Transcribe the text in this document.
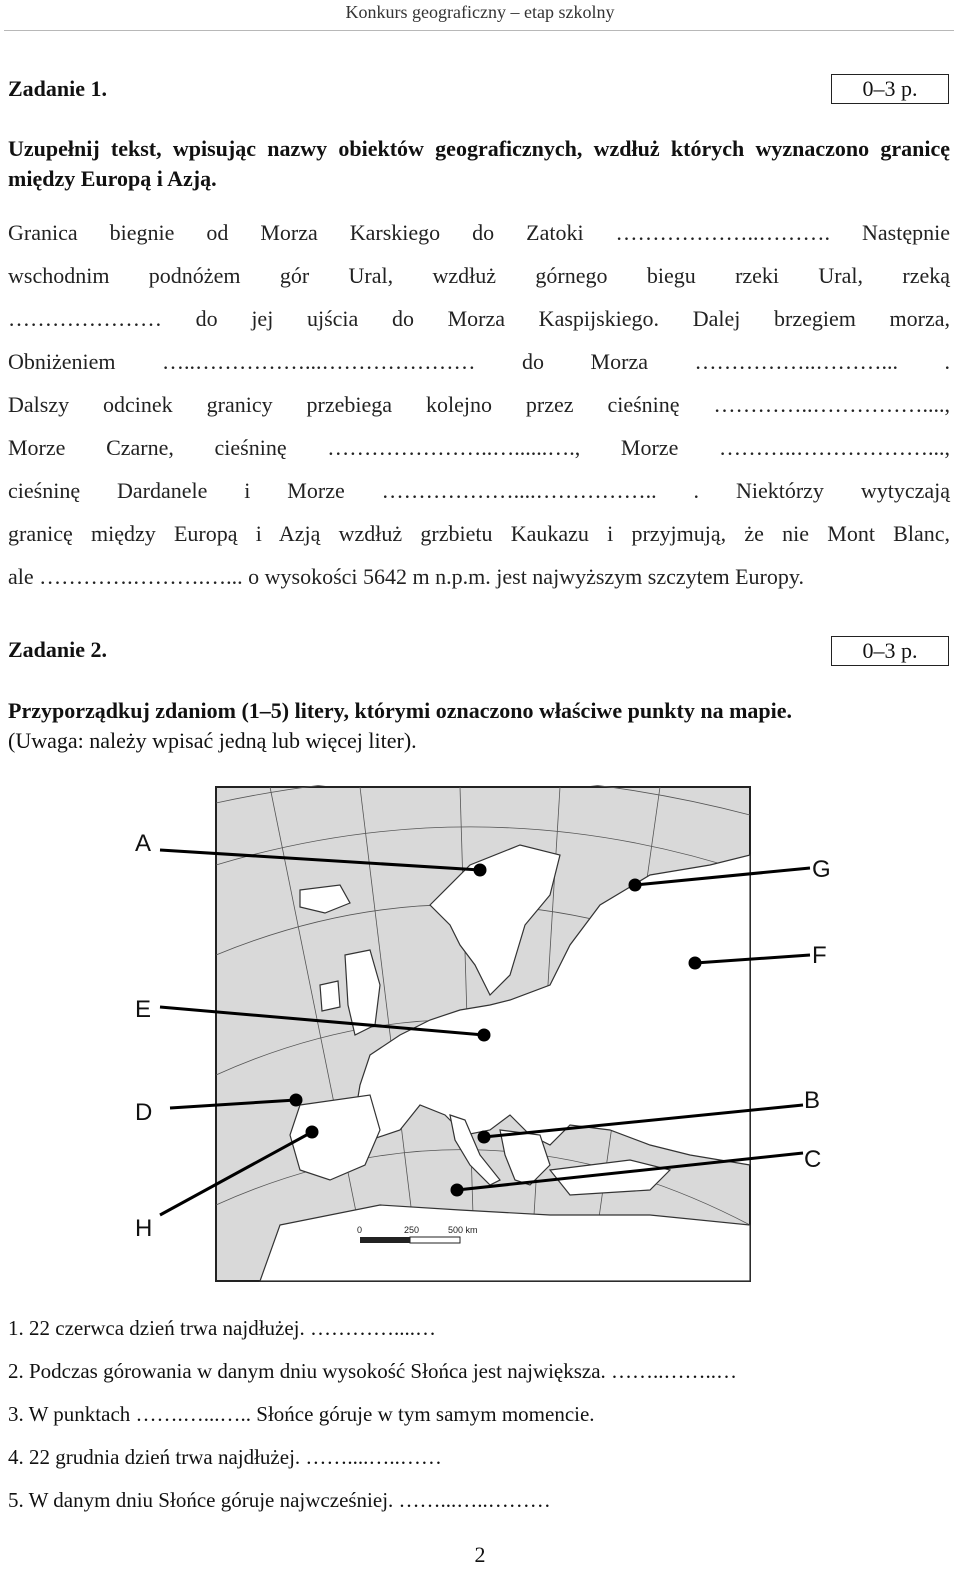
Konkurs geograficzny – etap szkolny
Zadanie 1.	0–3 p.
Uzupełnij tekst, wpisując nazwy obiektów geograficznych, wzdłuż których wyznaczono granicę między Europą i Azją.
Granica biegnie od Morza Karskiego do Zatoki ………………..………. Następnie
wschodnim podnóżem gór Ural, wzdłuż górnego biegu rzeki Ural, rzeką
………………… do jej ujścia do Morza Kaspijskiego. Dalej brzegiem morza,
Obniżeniem …..……………...………………… do Morza ……………..………... .
Dalszy odcinek granicy przebiega kolejno przez cieśninę …………..……………....,
Morze Czarne, cieśninę …………………..…......…., Morze ………..………………...,
cieśninę Dardanele i Morze ………………....…………….. . Niektórzy wytyczają
granicę między Europą i Azją wzdłuż grzbietu Kaukazu i przyjmują, że nie Mont Blanc,
ale ………….……….…... o wysokości 5642 m n.p.m. jest najwyższym szczytem Europy.
Zadanie 2.	0–3 p.
Przyporządkuj zdaniom (1–5) litery, którymi oznaczono właściwe punkty na mapie.
(Uwaga: należy wpisać jedną lub więcej liter).
0	250	500 km
A
G
F
E
D	B
C
H
1. 22 czerwca dzień trwa najdłużej. …………....…
2. Podczas górowania w danym dniu wysokość Słońca jest największa. ……..……..…
3. W punktach …….…...….. Słońce góruje w tym samym momencie.
4. 22 grudnia dzień trwa najdłużej. ……....…..……
5. W danym dniu Słońce góruje najwcześniej. ……...…..………
2
